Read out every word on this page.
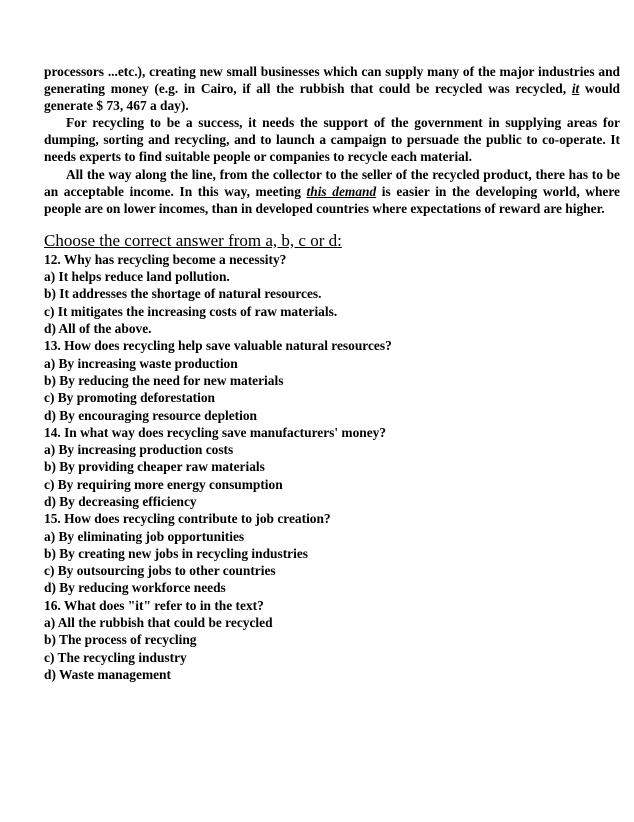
processors ...etc.), creating new small businesses which can supply many of the major industries and generating money (e.g. in Cairo, if all the rubbish that could be recycled was recycled, it would generate $ 73, 467 a day).

For recycling to be a success, it needs the support of the government in supplying areas for dumping, sorting and recycling, and to launch a campaign to persuade the public to co-operate. It needs experts to find suitable people or companies to recycle each material.

All the way along the line, from the collector to the seller of the recycled product, there has to be an acceptable income. In this way, meeting this demand is easier in the developing world, where people are on lower incomes, than in developed countries where expectations of reward are higher.

Choose the correct answer from a, b, c or d:

12. Why has recycling become a necessity?

a) It helps reduce land pollution.

b) It addresses the shortage of natural resources.

c) It mitigates the increasing costs of raw materials.

d) All of the above.

13. How does recycling help save valuable natural resources?

a) By increasing waste production

b) By reducing the need for new materials

c) By promoting deforestation

d) By encouraging resource depletion

14. In what way does recycling save manufacturers' money?

a) By increasing production costs

b) By providing cheaper raw materials

c) By requiring more energy consumption

d) By decreasing efficiency

15. How does recycling contribute to job creation?

a) By eliminating job opportunities

b) By creating new jobs in recycling industries

c) By outsourcing jobs to other countries

d) By reducing workforce needs

16. What does "it" refer to in the text?

a) All the rubbish that could be recycled

b) The process of recycling

c) The recycling industry

d) Waste management
